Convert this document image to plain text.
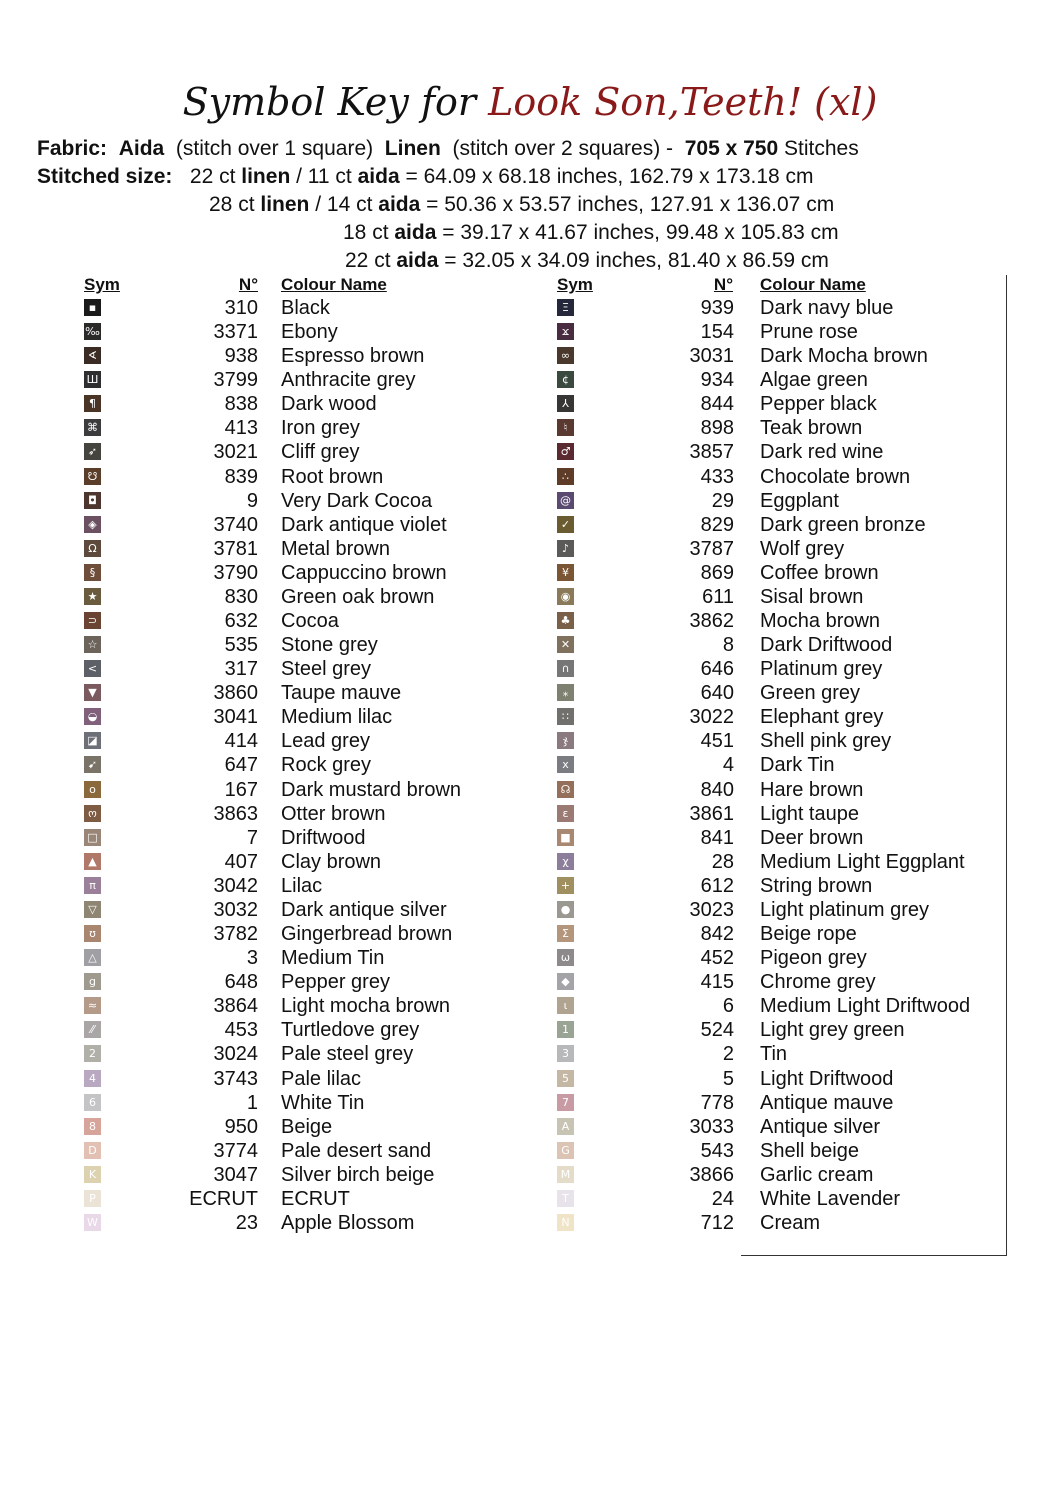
Symbol Key for Look Son,Teeth! (xl)
Fabric: Aida (stitch over 1 square) Linen (stitch over 2 squares) - 705 x 750 Stitches
Stitched size: 22 ct linen / 11 ct aida = 64.09 x 68.18 inches, 162.79 x 173.18 cm
28 ct linen / 14 ct aida = 50.36 x 53.57 inches, 127.91 x 136.07 cm
18 ct aida = 39.17 x 41.67 inches, 99.48 x 105.83 cm
22 ct aida = 32.05 x 34.09 inches, 81.40 x 86.59 cm
Sym	N° Colour Name
▪	310 Black
‰	3371 Ebony
∢	938 Espresso brown
Ш	3799 Anthracite grey
¶	838 Dark wood
⌘	413 Iron grey
➶	3021 Cliff grey
☋	839 Root brown
◘	9 Very Dark Cocoa
◈	3740 Dark antique violet
Ω	3781 Metal brown
§	3790 Cappuccino brown
★	830 Green oak brown
⊃	632 Cocoa
☆	535 Stone grey
<	317 Steel grey
▼	3860 Taupe mauve
◒	3041 Medium lilac
◪	414 Lead grey
➹	647 Rock grey
o	167 Dark mustard brown
ო	3863 Otter brown
□	7 Driftwood
▲	407 Clay brown
π	3042 Lilac
▽	3032 Dark antique silver
ʊ	3782 Gingerbread brown
△	3 Medium Tin
g	648 Pepper grey
≈	3864 Light mocha brown
⁄⁄	453 Turtledove grey
2	3024 Pale steel grey
4	3743 Pale lilac
6	1 White Tin
8	950 Beige
D	3774 Pale desert sand
K	3047 Silver birch beige
P	ECRUT ECRUT
W	23 Apple Blossom
Sym	N° Colour Name
Ξ	939 Dark navy blue
ϫ	154 Prune rose
∞	3031 Dark Mocha brown
¢	934 Algae green
⅄	844 Pepper black
♮	898 Teak brown
♂	3857 Dark red wine
∴	433 Chocolate brown
@	29 Eggplant
✓	829 Dark green bronze
♪	3787 Wolf grey
¥	869 Coffee brown
◉	611 Sisal brown
♣	3862 Mocha brown
✕	8 Dark Driftwood
∩	646 Platinum grey
⁎	640 Green grey
∷	3022 Elephant grey
ჯ	451 Shell pink grey
x	4 Dark Tin
☊	840 Hare brown
ε	3861 Light taupe
■	841 Deer brown
χ	28 Medium Light Eggplant
+	612 String brown
●	3023 Light platinum grey
Σ	842 Beige rope
ω	452 Pigeon grey
◆	415 Chrome grey
ɩ	6 Medium Light Driftwood
1	524 Light grey green
3	2 Tin
5	5 Light Driftwood
7	778 Antique mauve
A	3033 Antique silver
G	543 Shell beige
M	3866 Garlic cream
T	24 White Lavender
N	712 Cream
